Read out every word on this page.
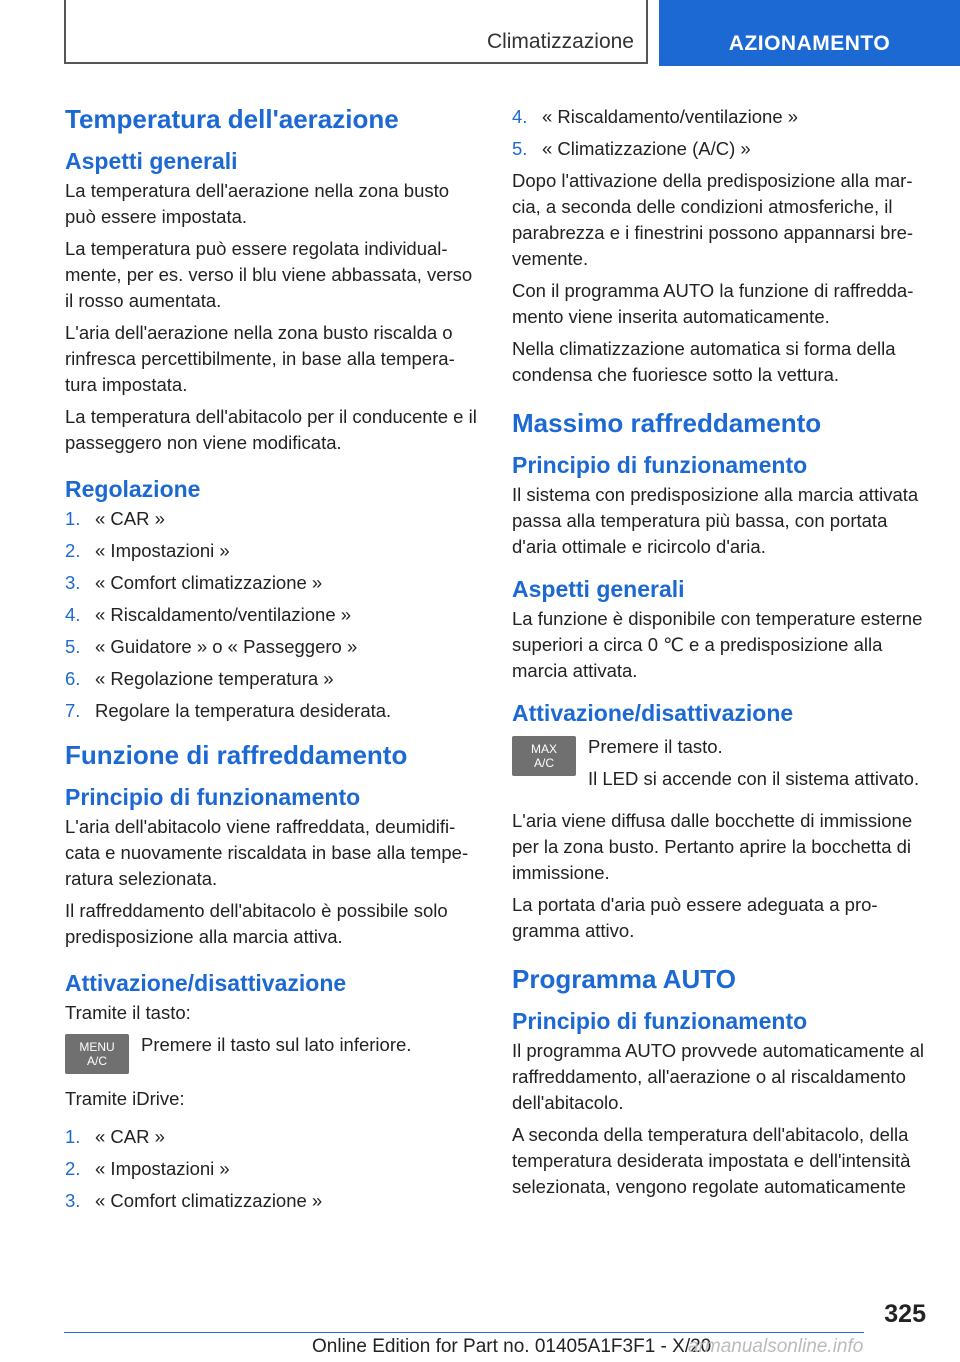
Climatizzazione	AZIONAMENTO
Temperatura dell'aerazione
Aspetti generali

La temperatura dell'aerazione nella zona busto può essere impostata.

La temperatura può essere regolata individualmente, per es. verso il blu viene abbassata, verso il rosso aumentata.

L'aria dell'aerazione nella zona busto riscalda o rinfresca percettibilmente, in base alla temperatura impostata.

La temperatura dell'abitacolo per il conducente e il passeggero non viene modificata.

Regolazione
1. « CAR »
2. « Impostazioni »
3. « Comfort climatizzazione »
4. « Riscaldamento/ventilazione »
5. « Guidatore » o « Passeggero »
6. « Regolazione temperatura »
7. Regolare la temperatura desiderata.
Funzione di raffreddamento
Principio di funzionamento

L'aria dell'abitacolo viene raffreddata, deumidificata e nuovamente riscaldata in base alla temperatura selezionata.

Il raffreddamento dell'abitacolo è possibile solo predisposizione alla marcia attiva.

Attivazione/disattivazione

Tramite il tasto:

MENU
A/C

Premere il tasto sul lato inferiore.

Tramite iDrive:

1. « CAR »
2. « Impostazioni »
3. « Comfort climatizzazione »
4. « Riscaldamento/ventilazione »
5. « Climatizzazione (A/C) »

Dopo l'attivazione della predisposizione alla marcia, a seconda delle condizioni atmosferiche, il parabrezza e i finestrini possono appannarsi brevemente.

Con il programma AUTO la funzione di raffreddamento viene inserita automaticamente.

Nella climatizzazione automatica si forma della condensa che fuoriesce sotto la vettura.

Massimo raffreddamento
Principio di funzionamento

Il sistema con predisposizione alla marcia attivata passa alla temperatura più bassa, con portata d'aria ottimale e ricircolo d'aria.

Aspetti generali

La funzione è disponibile con temperature esterne superiori a circa 0 ℃ e a predisposizione alla marcia attivata.

Attivazione/disattivazione
MAX
A/C

Premere il tasto.

Il LED si accende con il sistema attivato.

L'aria viene diffusa dalle bocchette di immissione per la zona busto. Pertanto aprire la bocchetta di immissione.

La portata d'aria può essere adeguata a programma attivo.

Programma AUTO
Principio di funzionamento

Il programma AUTO provvede automaticamente al raffreddamento, all'aerazione o al riscaldamento dell'abitacolo.

A seconda della temperatura dell'abitacolo, della temperatura desiderata impostata e dell'intensità selezionata, vengono regolate automaticamente

325
Online Edition for Part no. 01405A1F3F1 - X/20
armanualsonline.info
